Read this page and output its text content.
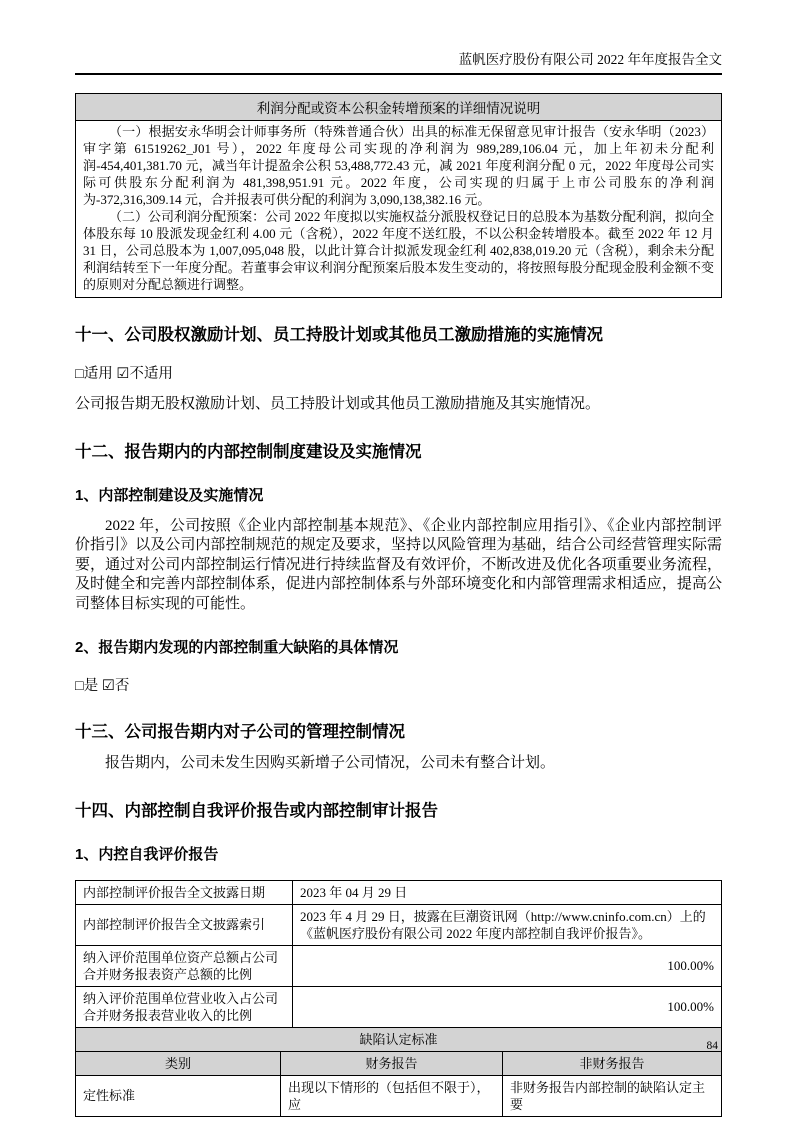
蓝帆医疗股份有限公司 2022 年年度报告全文
利润分配或资本公积金转增预案的详细情况说明

（一）根据安永华明会计师事务所（特殊普通合伙）出具的标准无保留意见审计报告（安永华明（2023）审字第 61519262_J01 号），2022 年度母公司实现的净利润为 989,289,106.04 元，加上年初未分配利润-454,401,381.70 元，减当年计提盈余公积 53,488,772.43 元，减 2021 年度利润分配 0 元，2022 年度母公司实际可供股东分配利润为 481,398,951.91 元。2022 年度，公司实现的归属于上市公司股东的净利润为-372,316,309.14 元，合并报表可供分配的利润为 3,090,138,382.16 元。

（二）公司利润分配预案：公司 2022 年度拟以实施权益分派股权登记日的总股本为基数分配利润，拟向全体股东每 10 股派发现金红利 4.00 元（含税），2022 年度不送红股，不以公积金转增股本。截至 2022 年 12 月 31 日，公司总股本为 1,007,095,048 股，以此计算合计拟派发现金红利 402,838,019.20 元（含税），剩余未分配利润结转至下一年度分配。若董事会审议利润分配预案后股本发生变动的，将按照每股分配现金股利金额不变的原则对分配总额进行调整。

十一、公司股权激励计划、员工持股计划或其他员工激励措施的实施情况

□适用 ☑不适用

公司报告期无股权激励计划、员工持股计划或其他员工激励措施及其实施情况。

十二、报告期内的内部控制制度建设及实施情况
1、内部控制建设及实施情况

2022 年，公司按照《企业内部控制基本规范》、《企业内部控制应用指引》、《企业内部控制评价指引》以及公司内部控制规范的规定及要求，坚持以风险管理为基础，结合公司经营管理实际需要，通过对公司内部控制运行情况进行持续监督及有效评价，不断改进及优化各项重要业务流程，及时健全和完善内部控制体系，促进内部控制体系与外部环境变化和内部管理需求相适应，提高公司整体目标实现的可能性。

2、报告期内发现的内部控制重大缺陷的具体情况

□是 ☑否

十三、公司报告期内对子公司的管理控制情况

报告期内，公司未发生因购买新增子公司情况，公司未有整合计划。

十四、内部控制自我评价报告或内部控制审计报告
1、内控自我评价报告
内部控制评价报告全文披露日期	2023 年 04 月 29 日
内部控制评价报告全文披露索引	2023 年 4 月 29 日，披露在巨潮资讯网（http://www.cninfo.com.cn）上的《蓝帆医疗股份有限公司 2022 年度内部控制自我评价报告》。
纳入评价范围单位资产总额占公司合并财务报表资产总额的比例	100.00%
纳入评价范围单位营业收入占公司合并财务报表营业收入的比例	100.00%
缺陷认定标准		
类别	财务报告	非财务报告
定性标准	出现以下情形的（包括但不限于），应	非财务报告内部控制的缺陷认定主要
84
